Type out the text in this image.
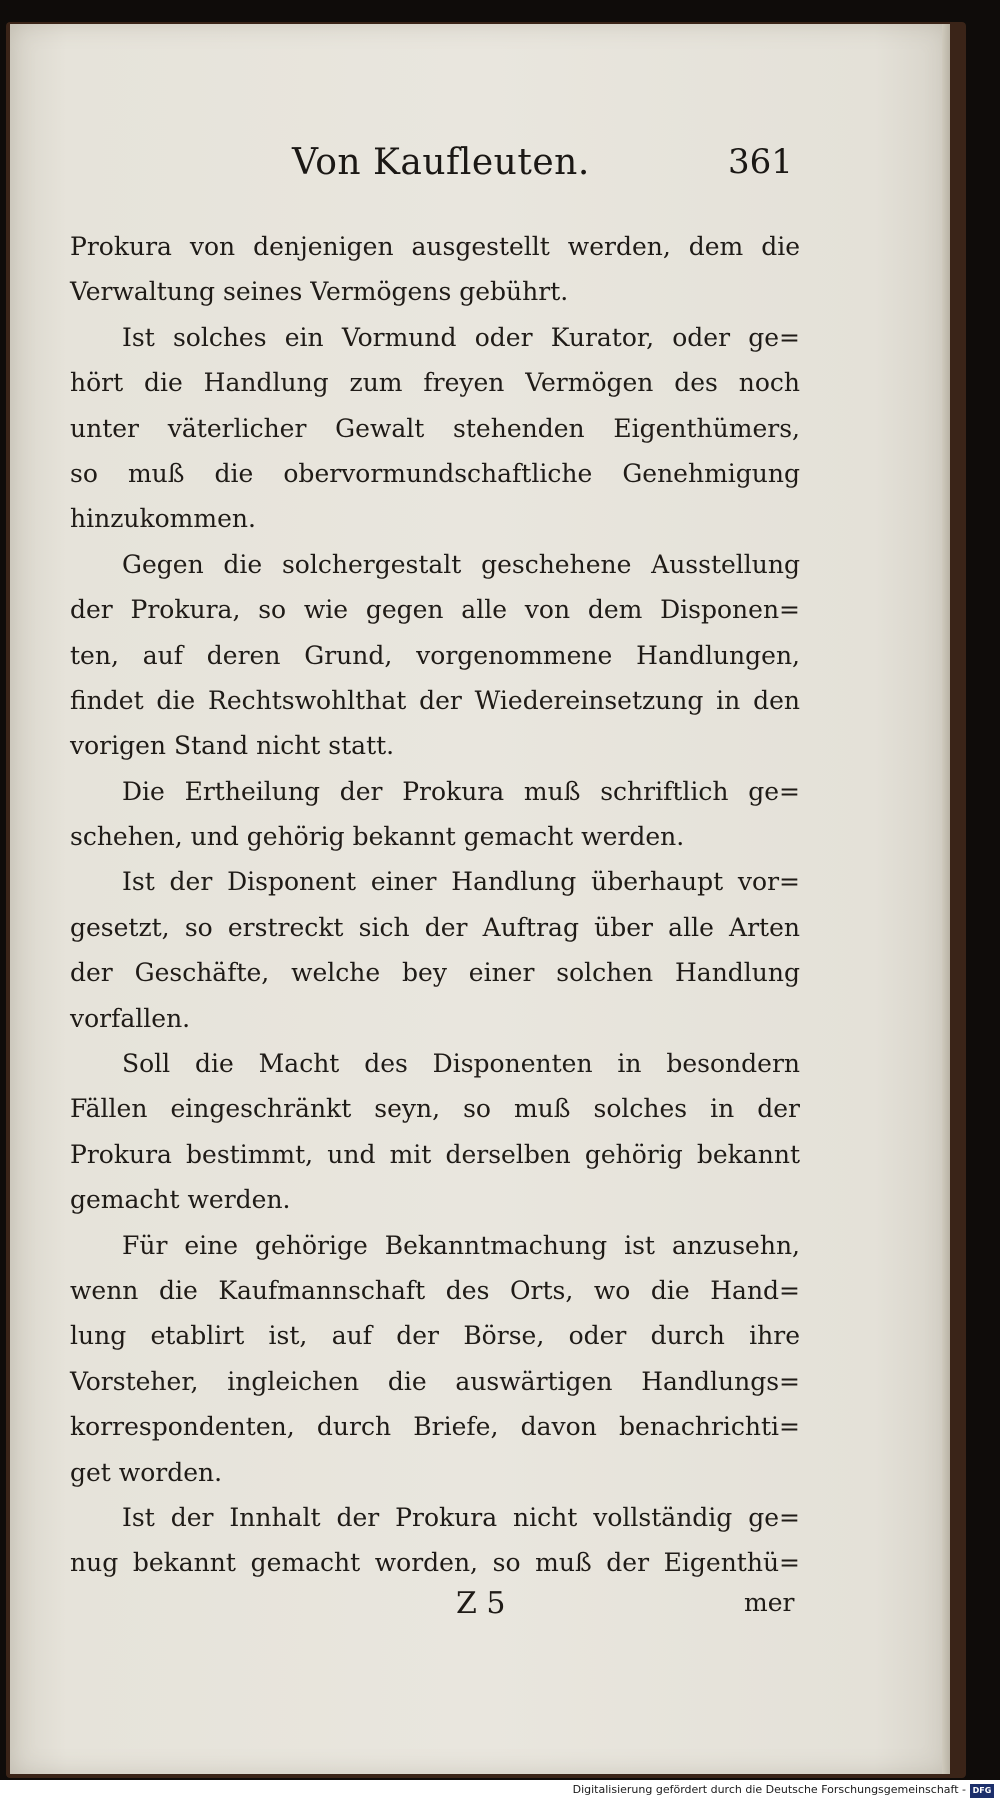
Von Kaufleuten.	361
Prokura von denjenigen ausgestellt werden, dem die
Verwaltung seines Vermögens gebührt.
Ist solches ein Vormund oder Kurator, oder ge=
hört die Handlung zum freyen Vermögen des noch
unter väterlicher Gewalt stehenden Eigenthümers,
so muß die obervormundschaftliche Genehmigung
hinzukommen.
Gegen die solchergestalt geschehene Ausstellung
der Prokura, so wie gegen alle von dem Disponen=
ten, auf deren Grund, vorgenommene Handlungen,
findet die Rechtswohlthat der Wiedereinsetzung in den
vorigen Stand nicht statt.
Die Ertheilung der Prokura muß schriftlich ge=
schehen, und gehörig bekannt gemacht werden.
Ist der Disponent einer Handlung überhaupt vor=
gesetzt, so erstreckt sich der Auftrag über alle Arten
der Geschäfte, welche bey einer solchen Handlung
vorfallen.
Soll die Macht des Disponenten in besondern
Fällen eingeschränkt seyn, so muß solches in der
Prokura bestimmt, und mit derselben gehörig bekannt
gemacht werden.
Für eine gehörige Bekanntmachung ist anzusehn,
wenn die Kaufmannschaft des Orts, wo die Hand=
lung etablirt ist, auf der Börse, oder durch ihre
Vorsteher, ingleichen die auswärtigen Handlungs=
korrespondenten, durch Briefe, davon benachrichti=
get worden.
Ist der Innhalt der Prokura nicht vollständig ge=
nug bekannt gemacht worden, so muß der Eigenthü=
Z 5	mer
Digitalisierung gefördert durch die Deutsche Forschungsgemeinschaft - DFG
